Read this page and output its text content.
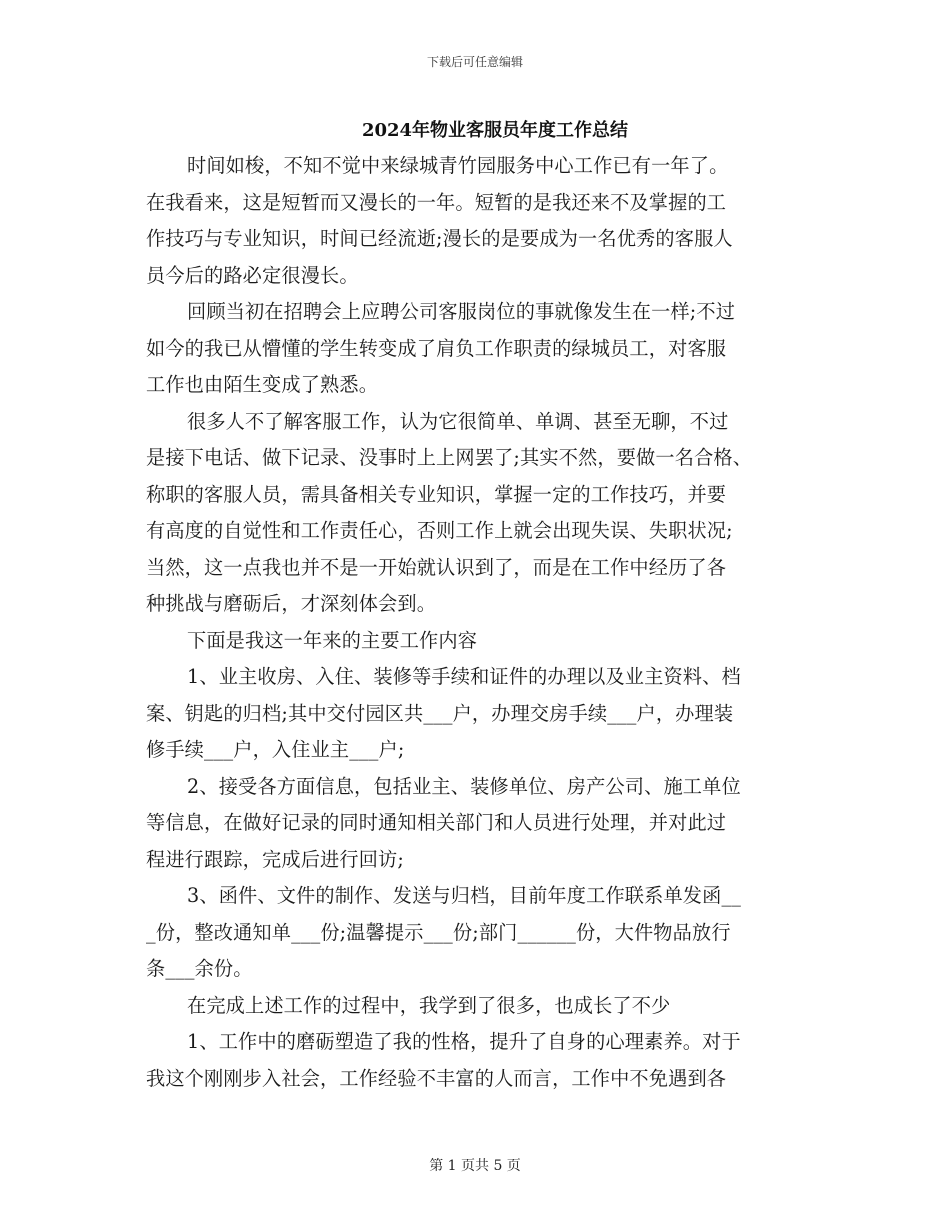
下载后可任意编辑
2024年物业客服员年度工作总结
时间如梭，不知不觉中来绿城青竹园服务中心工作已有一年了。
在我看来，这是短暂而又漫长的一年。短暂的是我还来不及掌握的工
作技巧与专业知识，时间已经流逝;漫长的是要成为一名优秀的客服人
员今后的路必定很漫长。
回顾当初在招聘会上应聘公司客服岗位的事就像发生在一样;不过
如今的我已从懵懂的学生转变成了肩负工作职责的绿城员工，对客服
工作也由陌生变成了熟悉。
很多人不了解客服工作，认为它很简单、单调、甚至无聊，不过
是接下电话、做下记录、没事时上上网罢了;其实不然，要做一名合格、
称职的客服人员，需具备相关专业知识，掌握一定的工作技巧，并要
有高度的自觉性和工作责任心，否则工作上就会出现失误、失职状况;
当然，这一点我也并不是一开始就认识到了，而是在工作中经历了各
种挑战与磨砺后，才深刻体会到。
下面是我这一年来的主要工作内容
1、业主收房、入住、装修等手续和证件的办理以及业主资料、档
案、钥匙的归档;其中交付园区共___户，办理交房手续___户，办理装
修手续___户，入住业主___户;
2、接受各方面信息，包括业主、装修单位、房产公司、施工单位
等信息，在做好记录的同时通知相关部门和人员进行处理，并对此过
程进行跟踪，完成后进行回访;
3、函件、文件的制作、发送与归档，目前年度工作联系单发函__
_份，整改通知单___份;温馨提示___份;部门______份，大件物品放行
条___余份。
在完成上述工作的过程中，我学到了很多，也成长了不少
1、工作中的磨砺塑造了我的性格，提升了自身的心理素养。对于
我这个刚刚步入社会，工作经验不丰富的人而言，工作中不免遇到各
第 1 页共 5 页
